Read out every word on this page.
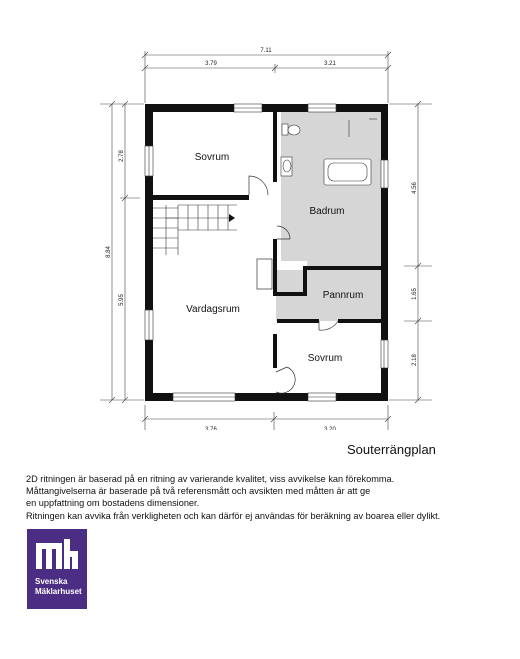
7.11
3.79	3.21
8.84
2.78
5.95
4.56
1.65
2.18
3.76	3.20
Sovrum
Badrum
Vardagsrum
Pannrum
Sovrum
Souterrängplan
2D ritningen är baserad på en ritning av varierande kvalitet, viss avvikelse kan förekomma.
Måttangivelserna är baserade på två referensmått och avsikten med måtten är att ge
en uppfattning om bostadens dimensioner.
Ritningen kan avvika från verkligheten och kan därför ej användas för beräkning av boarea eller dylikt.
Svenska
Mäklarhuset
